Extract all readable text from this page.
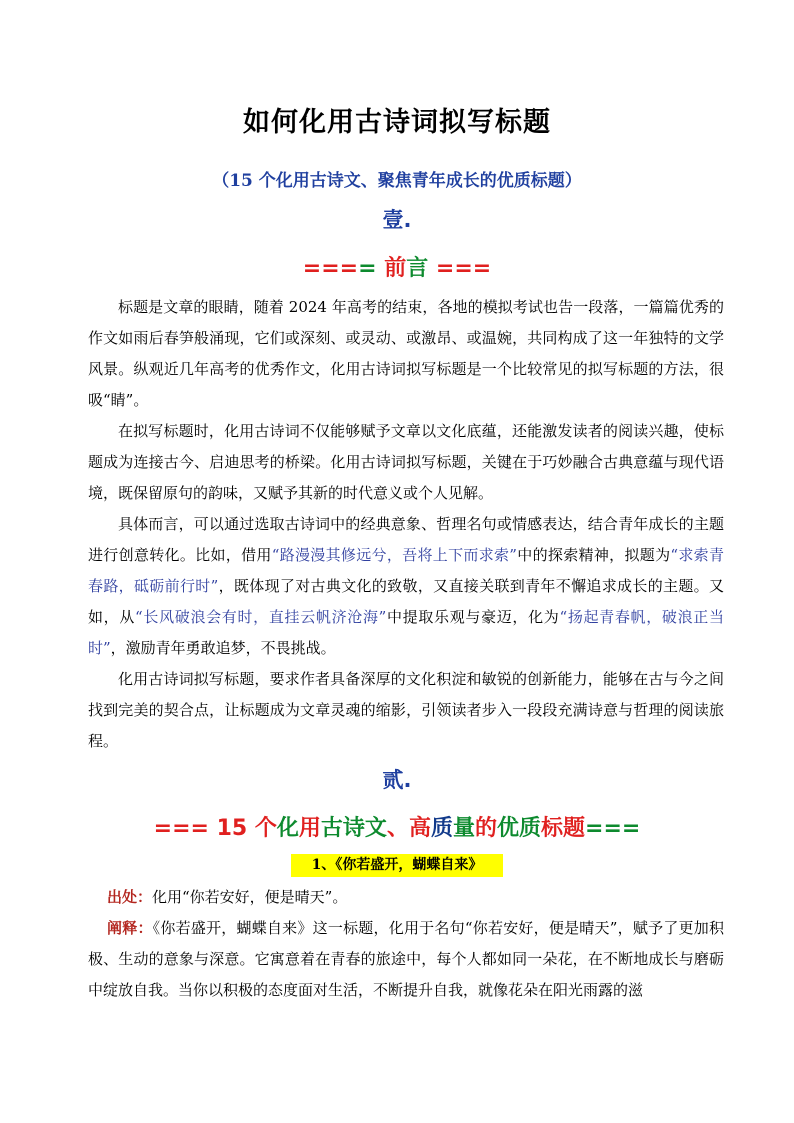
如何化用古诗词拟写标题
（15 个化用古诗文、聚焦青年成长的优质标题）
壹.
==== 前言 ===
标题是文章的眼睛，随着 2024 年高考的结束，各地的模拟考试也告一段落，一篇篇优秀的作文如雨后春笋般涌现，它们或深刻、或灵动、或激昂、或温婉，共同构成了这一年独特的文学风景。纵观近几年高考的优秀作文，化用古诗词拟写标题是一个比较常见的拟写标题的方法，很吸“睛”。
在拟写标题时，化用古诗词不仅能够赋予文章以文化底蕴，还能激发读者的阅读兴趣，使标题成为连接古今、启迪思考的桥梁。化用古诗词拟写标题，关键在于巧妙融合古典意蕴与现代语境，既保留原句的韵味，又赋予其新的时代意义或个人见解。
具体而言，可以通过选取古诗词中的经典意象、哲理名句或情感表达，结合青年成长的主题进行创意转化。比如，借用“路漫漫其修远兮，吾将上下而求索”中的探索精神，拟题为“求索青春路，砥砺前行时”，既体现了对古典文化的致敬，又直接关联到青年不懈追求成长的主题。又如，从“长风破浪会有时，直挂云帆济沧海”中提取乐观与豪迈，化为“扬起青春帆，破浪正当时”，激励青年勇敢追梦，不畏挑战。
化用古诗词拟写标题，要求作者具备深厚的文化积淀和敏锐的创新能力，能够在古与今之间找到完美的契合点，让标题成为文章灵魂的缩影，引领读者步入一段段充满诗意与哲理的阅读旅程。
贰.
=== 15 个化用古诗文、高质量的优质标题===
1、《你若盛开，蝴蝶自来》
出处：化用“你若安好，便是晴天”。
阐释：《你若盛开，蝴蝶自来》这一标题，化用于名句“你若安好，便是晴天”，赋予了更加积极、生动的意象与深意。它寓意着在青春的旅途中，每个人都如同一朵花，在不断地成长与磨砺中绽放自我。当你以积极的态度面对生活，不断提升自我，就像花朵在阳光雨露的滋
